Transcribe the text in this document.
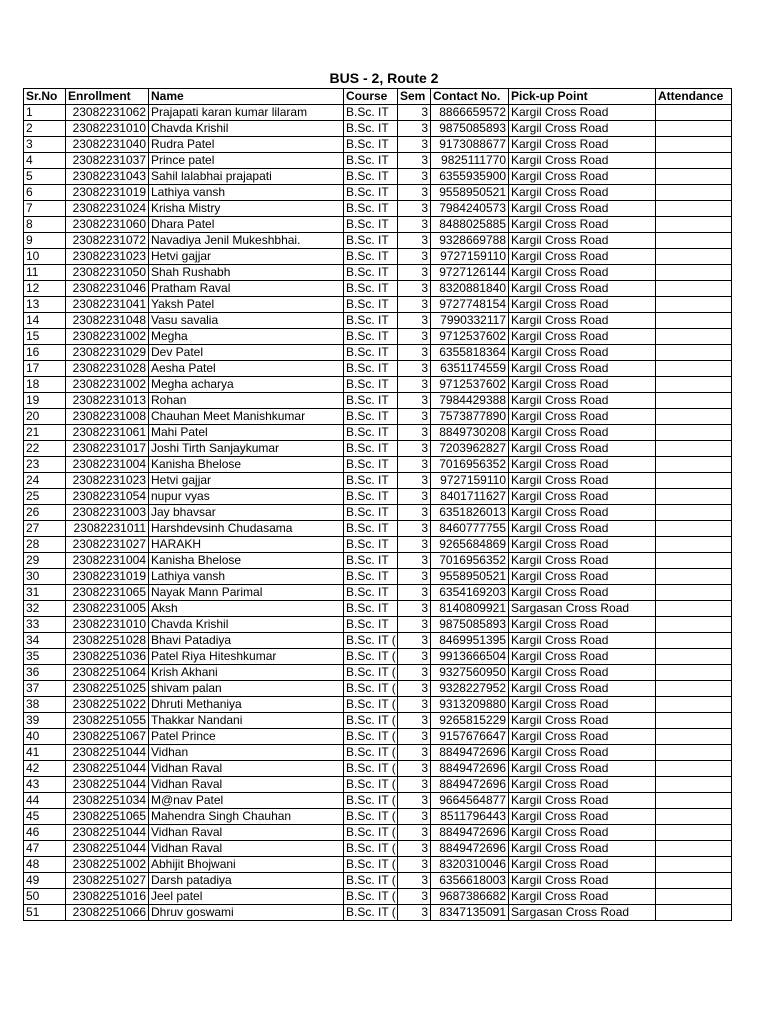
BUS - 2, Route 2
Sr.No	Enrollment	Name	Course	Sem	Contact No.	Pick-up Point	Attendance
1	23082231062	Prajapati karan kumar lilaram	B.Sc. IT	3	8866659572	Kargil Cross Road	
2	23082231010	Chavda Krishil	B.Sc. IT	3	9875085893	Kargil Cross Road	
3	23082231040	Rudra Patel	B.Sc. IT	3	9173088677	Kargil Cross Road	
4	23082231037	Prince patel	B.Sc. IT	3	9825111770	Kargil Cross Road	
5	23082231043	Sahil lalabhai prajapati	B.Sc. IT	3	6355935900	Kargil Cross Road	
6	23082231019	Lathiya vansh	B.Sc. IT	3	9558950521	Kargil Cross Road	
7	23082231024	Krisha Mistry	B.Sc. IT	3	7984240573	Kargil Cross Road	
8	23082231060	Dhara Patel	B.Sc. IT	3	8488025885	Kargil Cross Road	
9	23082231072	Navadiya Jenil Mukeshbhai.	B.Sc. IT	3	9328669788	Kargil Cross Road	
10	23082231023	Hetvi gajjar	B.Sc. IT	3	9727159110	Kargil Cross Road	
11	23082231050	Shah Rushabh	B.Sc. IT	3	9727126144	Kargil Cross Road	
12	23082231046	Pratham Raval	B.Sc. IT	3	8320881840	Kargil Cross Road	
13	23082231041	Yaksh Patel	B.Sc. IT	3	9727748154	Kargil Cross Road	
14	23082231048	Vasu savalia	B.Sc. IT	3	7990332117	Kargil Cross Road	
15	23082231002	Megha	B.Sc. IT	3	9712537602	Kargil Cross Road	
16	23082231029	Dev Patel	B.Sc. IT	3	6355818364	Kargil Cross Road	
17	23082231028	Aesha Patel	B.Sc. IT	3	6351174559	Kargil Cross Road	
18	23082231002	Megha acharya	B.Sc. IT	3	9712537602	Kargil Cross Road	
19	23082231013	Rohan	B.Sc. IT	3	7984429388	Kargil Cross Road	
20	23082231008	Chauhan Meet Manishkumar	B.Sc. IT	3	7573877890	Kargil Cross Road	
21	23082231061	Mahi Patel	B.Sc. IT	3	8849730208	Kargil Cross Road	
22	23082231017	Joshi Tirth Sanjaykumar	B.Sc. IT	3	7203962827	Kargil Cross Road	
23	23082231004	Kanisha Bhelose	B.Sc. IT	3	7016956352	Kargil Cross Road	
24	23082231023	Hetvi gajjar	B.Sc. IT	3	9727159110	Kargil Cross Road	
25	23082231054	nupur vyas	B.Sc. IT	3	8401711627	Kargil Cross Road	
26	23082231003	Jay bhavsar	B.Sc. IT	3	6351826013	Kargil Cross Road	
27	23082231011	Harshdevsinh Chudasama	B.Sc. IT	3	8460777755	Kargil Cross Road	
28	23082231027	HARAKH	B.Sc. IT	3	9265684869	Kargil Cross Road	
29	23082231004	Kanisha Bhelose	B.Sc. IT	3	7016956352	Kargil Cross Road	
30	23082231019	Lathiya vansh	B.Sc. IT	3	9558950521	Kargil Cross Road	
31	23082231065	Nayak Mann Parimal	B.Sc. IT	3	6354169203	Kargil Cross Road	
32	23082231005	Aksh	B.Sc. IT	3	8140809921	Sargasan Cross Road	
33	23082231010	Chavda Krishil	B.Sc. IT	3	9875085893	Kargil Cross Road	
34	23082251028	Bhavi Patadiya	B.Sc. IT (	3	8469951395	Kargil Cross Road	
35	23082251036	Patel Riya Hiteshkumar	B.Sc. IT (	3	9913666504	Kargil Cross Road	
36	23082251064	Krish Akhani	B.Sc. IT (	3	9327560950	Kargil Cross Road	
37	23082251025	shivam palan	B.Sc. IT (	3	9328227952	Kargil Cross Road	
38	23082251022	Dhruti Methaniya	B.Sc. IT (	3	9313209880	Kargil Cross Road	
39	23082251055	Thakkar Nandani	B.Sc. IT (	3	9265815229	Kargil Cross Road	
40	23082251067	Patel Prince	B.Sc. IT (	3	9157676647	Kargil Cross Road	
41	23082251044	Vidhan	B.Sc. IT (	3	8849472696	Kargil Cross Road	
42	23082251044	Vidhan Raval	B.Sc. IT (	3	8849472696	Kargil Cross Road	
43	23082251044	Vidhan Raval	B.Sc. IT (	3	8849472696	Kargil Cross Road	
44	23082251034	M@nav Patel	B.Sc. IT (	3	9664564877	Kargil Cross Road	
45	23082251065	Mahendra Singh Chauhan	B.Sc. IT (	3	8511796443	Kargil Cross Road	
46	23082251044	Vidhan Raval	B.Sc. IT (	3	8849472696	Kargil Cross Road	
47	23082251044	Vidhan Raval	B.Sc. IT (	3	8849472696	Kargil Cross Road	
48	23082251002	Abhijit Bhojwani	B.Sc. IT (	3	8320310046	Kargil Cross Road	
49	23082251027	Darsh patadiya	B.Sc. IT (	3	6356618003	Kargil Cross Road	
50	23082251016	Jeel patel	B.Sc. IT (	3	9687386682	Kargil Cross Road	
51	23082251066	Dhruv goswami	B.Sc. IT (	3	8347135091	Sargasan Cross Road	
